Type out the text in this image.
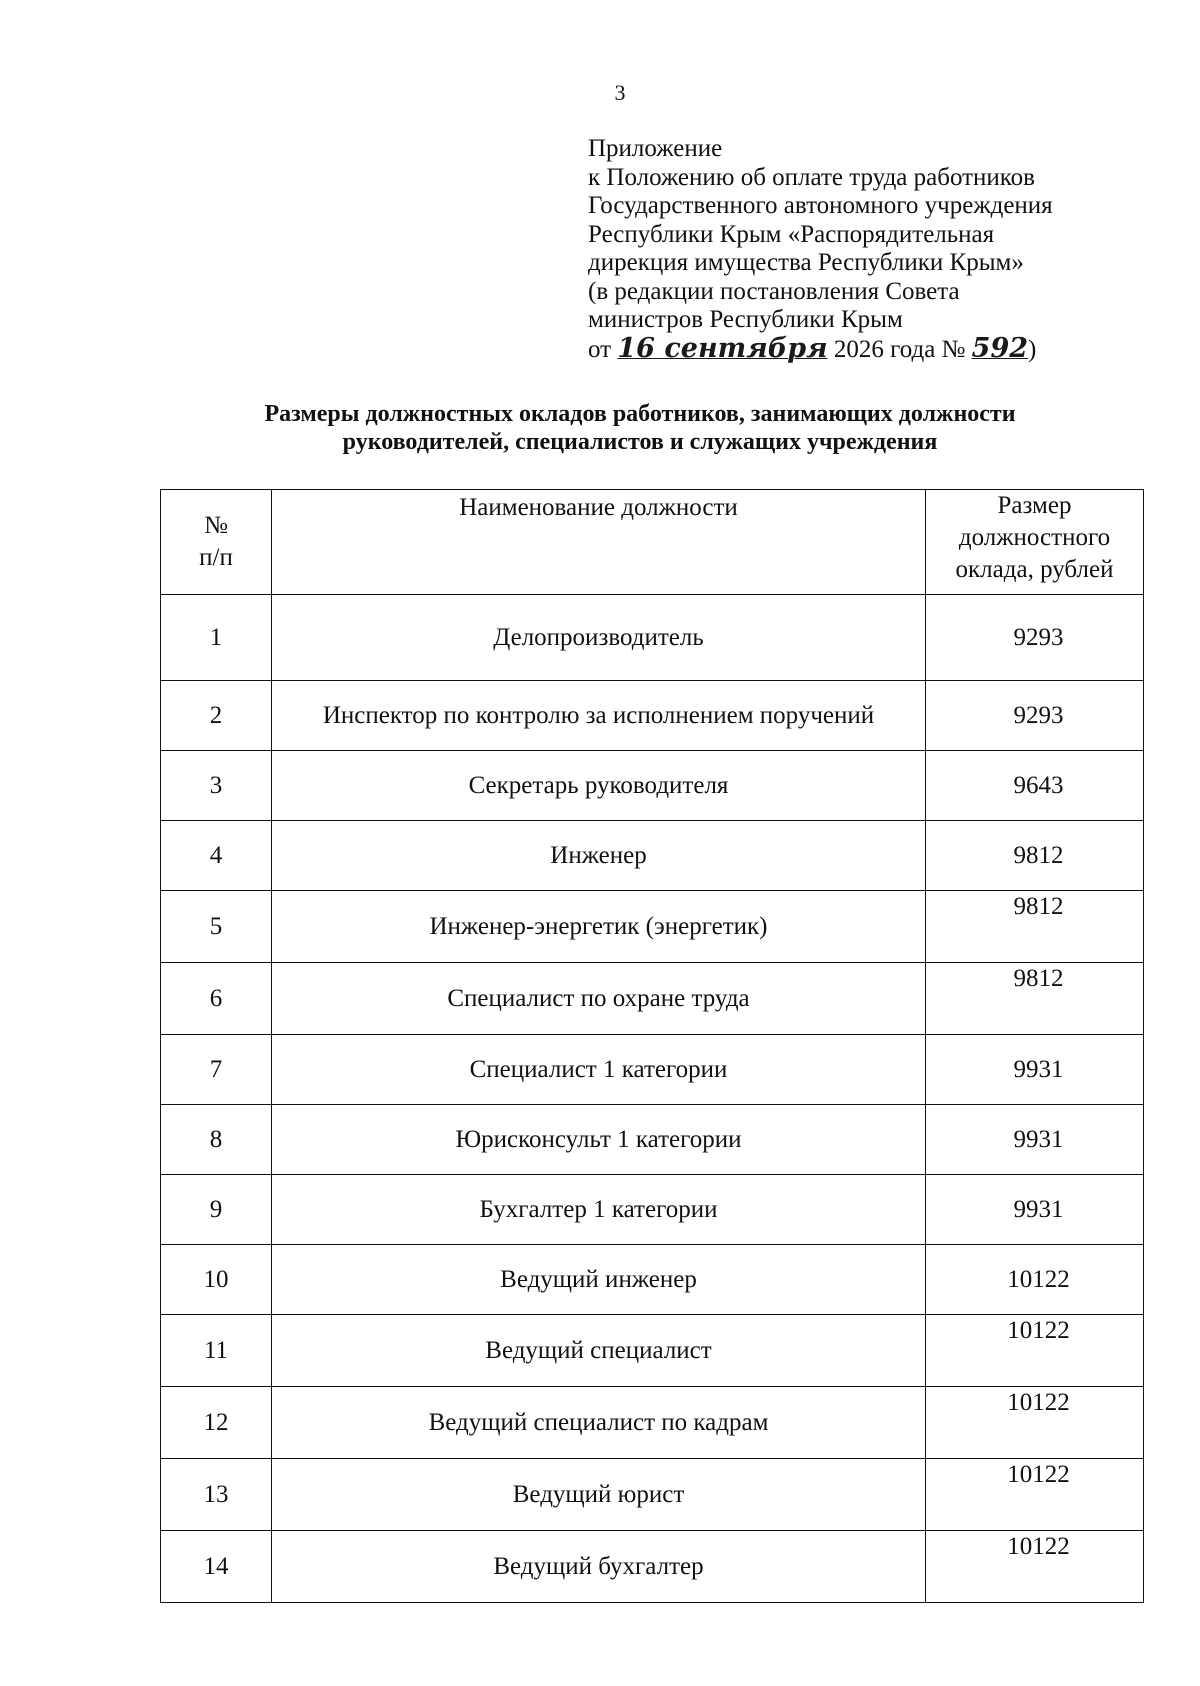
3
Приложение
к Положению об оплате труда работников
Государственного автономного учреждения
Республики Крым «Распорядительная
дирекция имущества Республики Крым»
(в редакции постановления Совета
министров Республики Крым
от 16 сентября 2026 года № 592)
Размеры должностных окладов работников, занимающих должности
руководителей, специалистов и служащих учреждения
№
п/п	Наименование должности	Размер
должностного
оклада, рублей

1	Делопроизводитель	9293
2	Инспектор по контролю за исполнением поручений	9293
3	Секретарь руководителя	9643
4	Инженер	9812
5	Инженер-энергетик (энергетик)	9812
6	Специалист по охране труда	9812
7	Специалист 1 категории	9931
8	Юрисконсульт 1 категории	9931
9	Бухгалтер 1 категории	9931
10	Ведущий инженер	10122
11	Ведущий специалист	10122
12	Ведущий специалист по кадрам	10122
13	Ведущий юрист	10122
14	Ведущий бухгалтер	10122
